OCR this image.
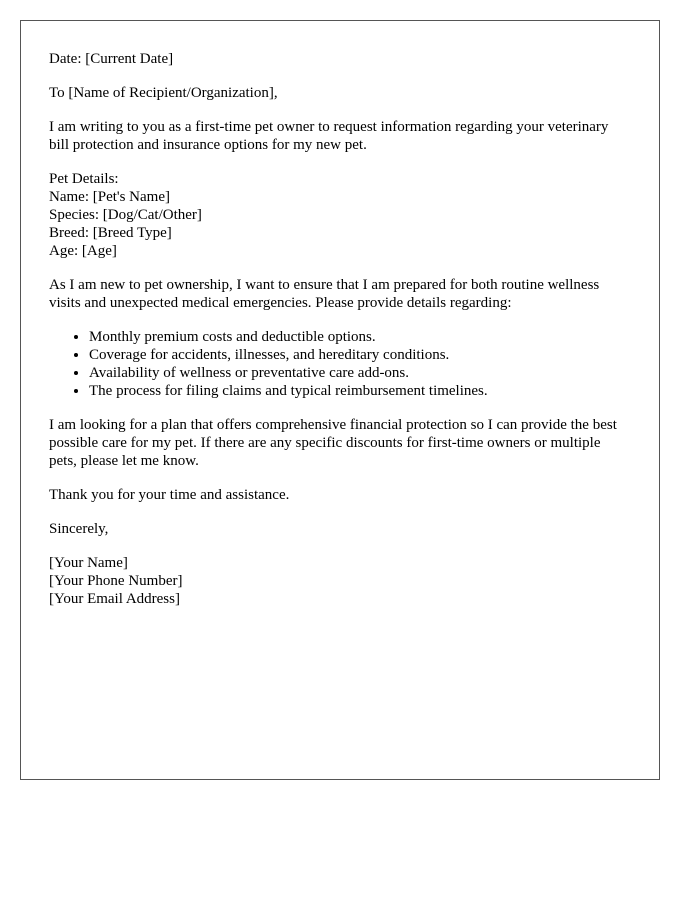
Date: [Current Date]

To [Name of Recipient/Organization],

I am writing to you as a first-time pet owner to request information regarding your veterinary bill protection and insurance options for my new pet.

Pet Details:
Name: [Pet's Name]
Species: [Dog/Cat/Other]
Breed: [Breed Type]
Age: [Age]

As I am new to pet ownership, I want to ensure that I am prepared for both routine wellness visits and unexpected medical emergencies. Please provide details regarding:

• Monthly premium costs and deductible options.
• Coverage for accidents, illnesses, and hereditary conditions.
• Availability of wellness or preventative care add-ons.
• The process for filing claims and typical reimbursement timelines.

I am looking for a plan that offers comprehensive financial protection so I can provide the best possible care for my pet. If there are any specific discounts for first-time owners or multiple pets, please let me know.

Thank you for your time and assistance.

Sincerely,

[Your Name]
[Your Phone Number]
[Your Email Address]
